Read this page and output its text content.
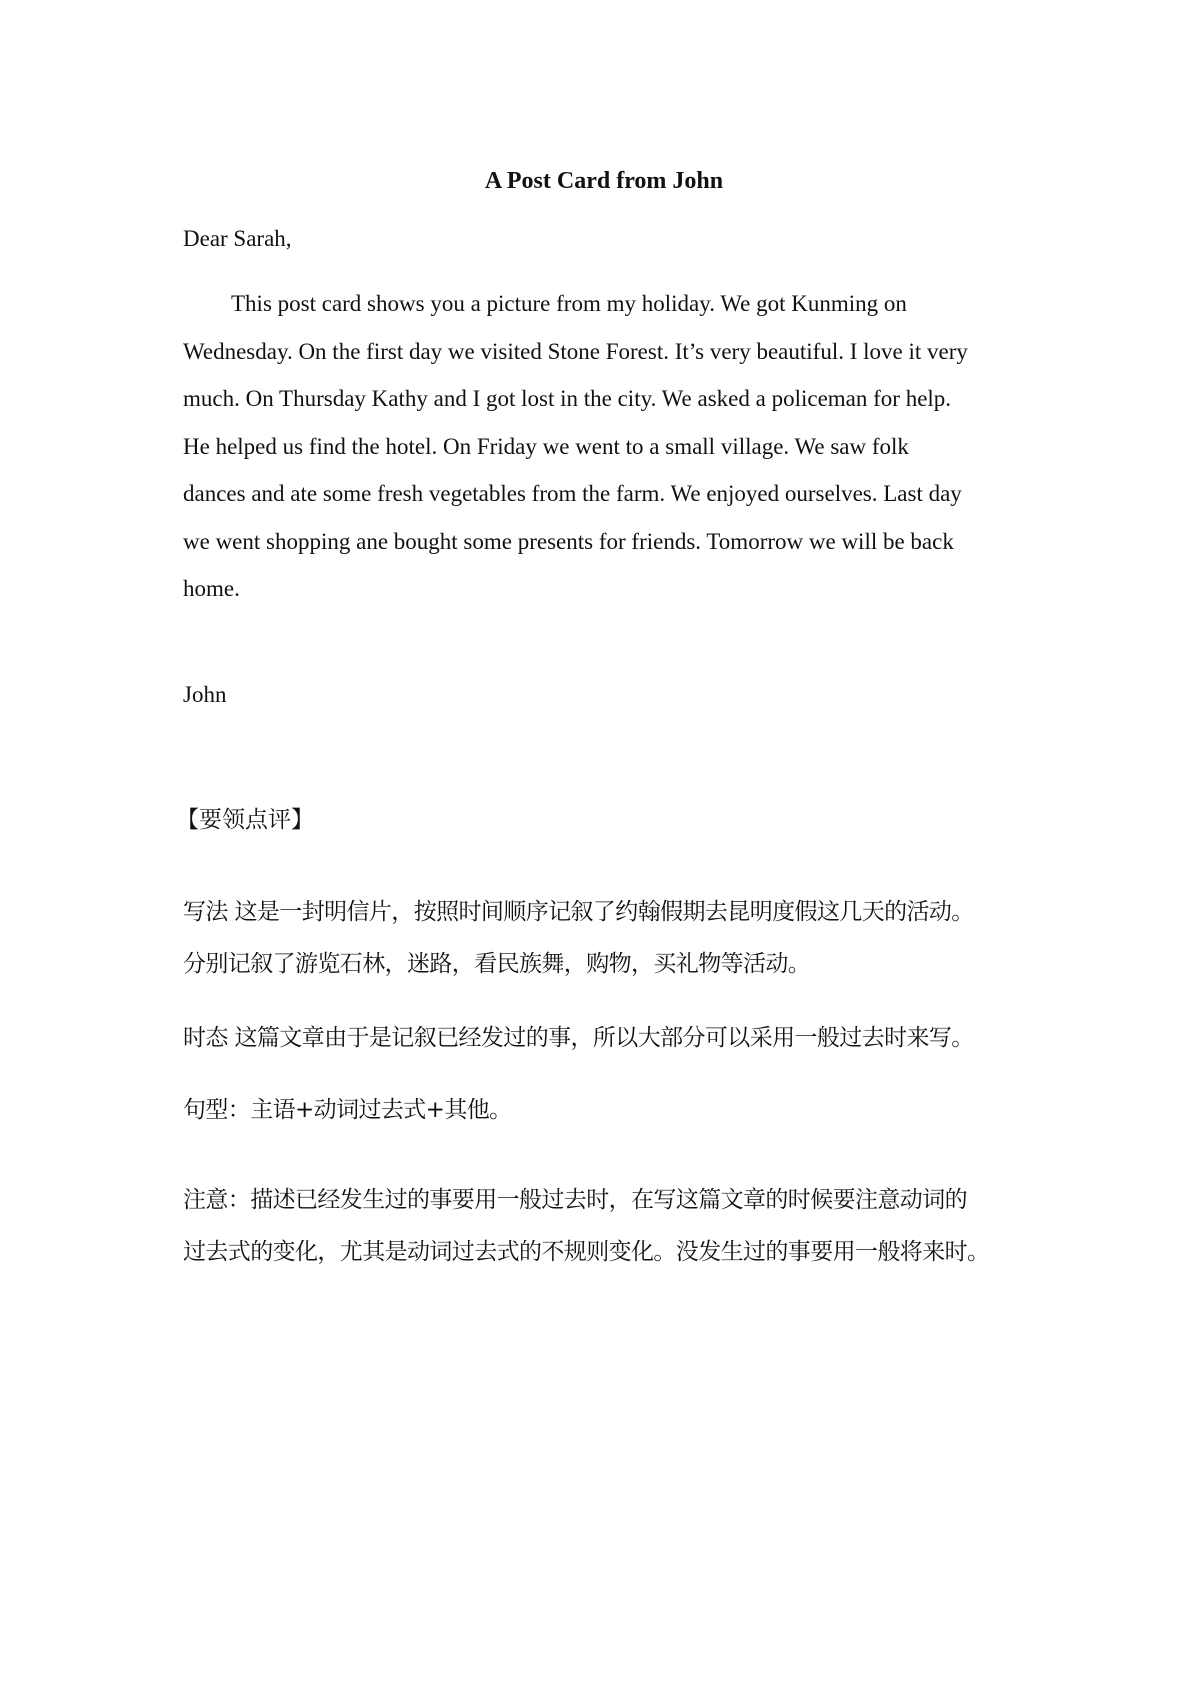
A Post Card from John
Dear Sarah,

This post card shows you a picture from my holiday. We got Kunming on
Wednesday. On the first day we visited Stone Forest. It’s very beautiful. I love it very
much. On Thursday Kathy and I got lost in the city. We asked a policeman for help.
He helped us find the hotel. On Friday we went to a small village. We saw folk
dances and ate some fresh vegetables from the farm. We enjoyed ourselves. Last day
we went shopping ane bought some presents for friends. Tomorrow we will be back
home.

John
【要领点评】
写法 这是一封明信片，按照时间顺序记叙了约翰假期去昆明度假这几天的活动。
分别记叙了游览石林，迷路，看民族舞，购物，买礼物等活动。
时态 这篇文章由于是记叙已经发过的事，所以大部分可以采用一般过去时来写。
句型：主语+动词过去式+其他。
注意：描述已经发生过的事要用一般过去时，在写这篇文章的时候要注意动词的
过去式的变化，尤其是动词过去式的不规则变化。没发生过的事要用一般将来时。
